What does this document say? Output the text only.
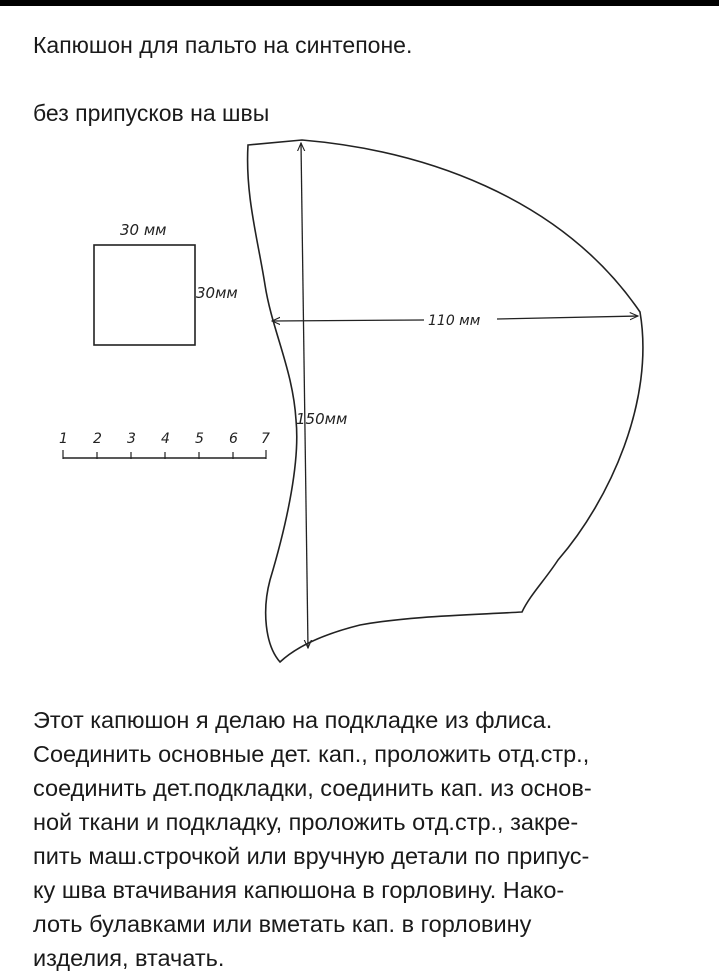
Капюшон для пальто на синтепоне.
без припусков на швы
30 мм
30мм
1 2 3 4 5 6 7
150мм
110 мм
Этот капюшон я делаю на подкладке из флиса.
Соединить основные дет. кап., проложить отд.стр.,
соединить дет.подкладки, соединить кап. из основ-
ной ткани и подкладку, проложить отд.стр., закре-
пить маш.строчкой или вручную детали по припус-
ку шва втачивания капюшона в горловину. Нако-
лоть булавками или вметать кап. в горловину
изделия, втачать.
